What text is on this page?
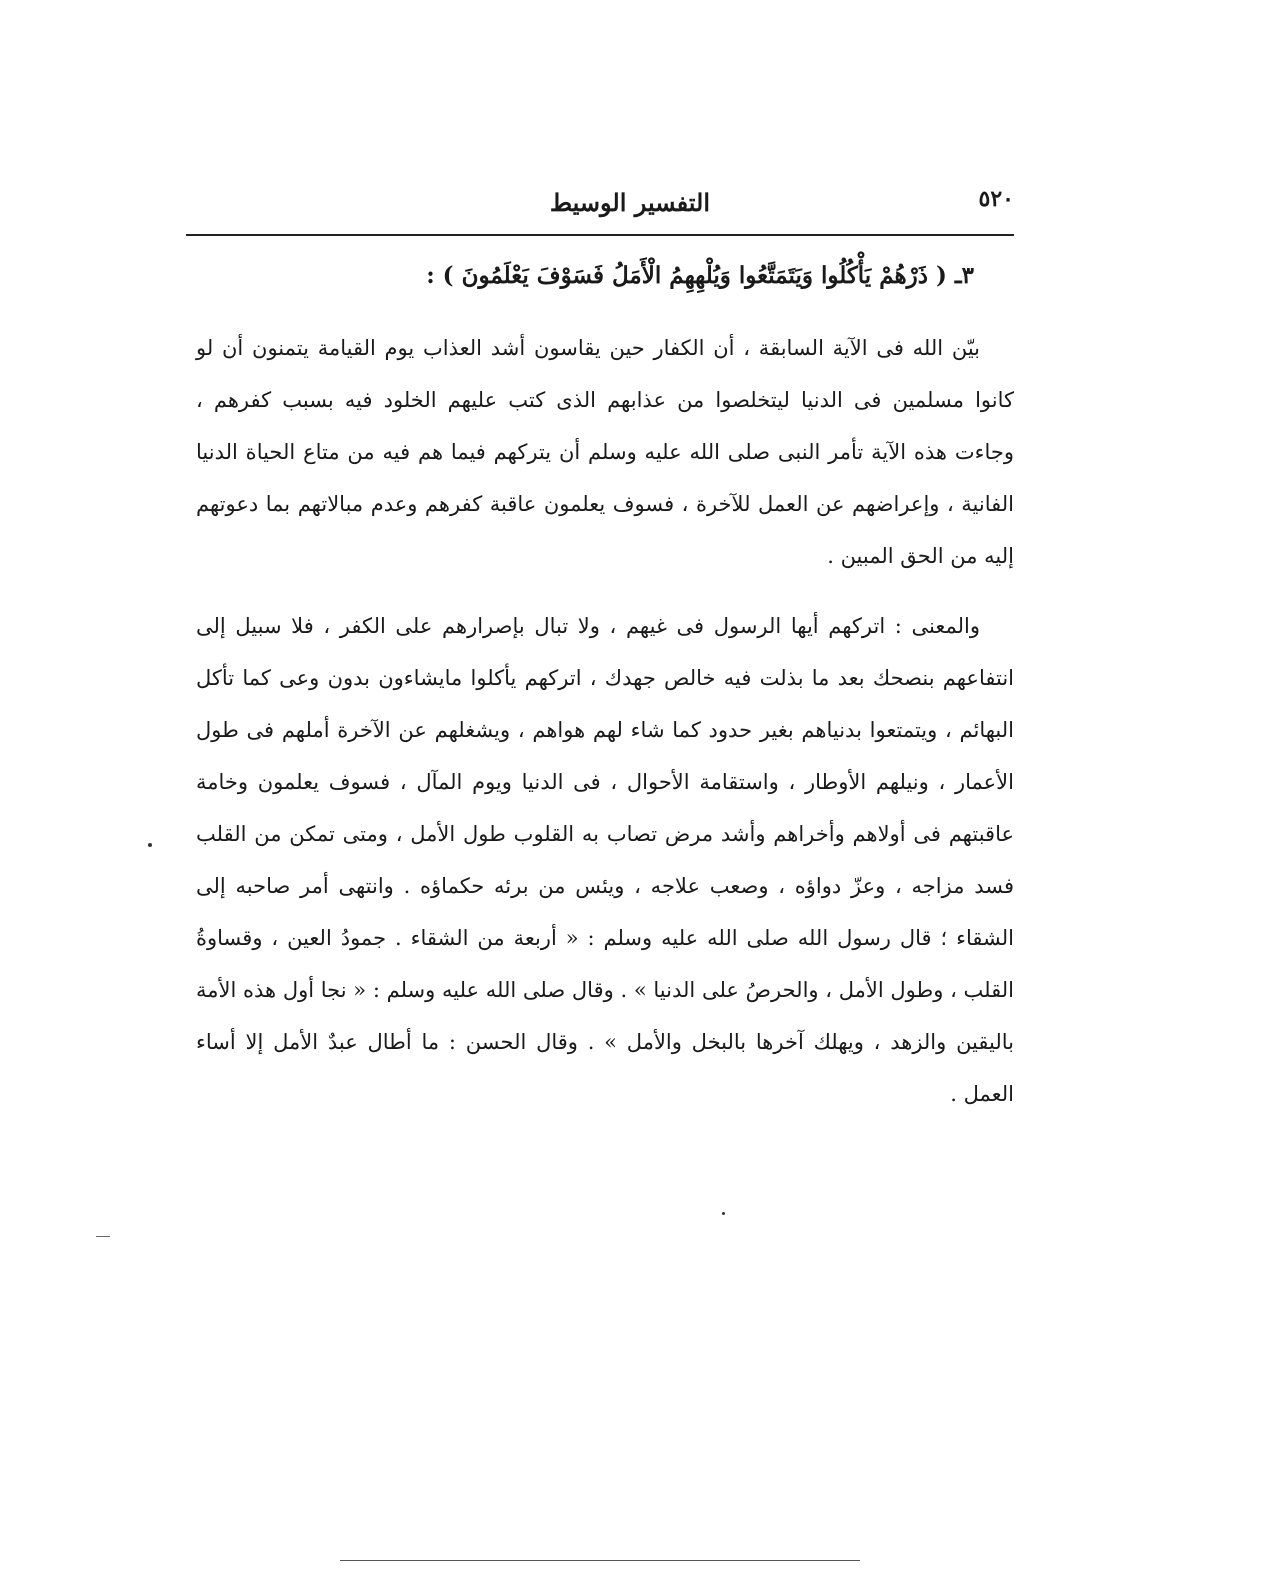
٥٢٠
التفسير الوسيط
٣ـ ( ذَرْهُمْ يَأْكُلُوا وَيَتَمَتَّعُوا وَيُلْهِهِمُ الْأَمَلُ فَسَوْفَ يَعْلَمُونَ ) :

بيّن الله فى الآية السابقة ، أن الكفار حين يقاسون أشد العذاب يوم القيامة يتمنون أن لو كانوا مسلمين فى الدنيا ليتخلصوا من عذابهم الذى كتب عليهم الخلود فيه بسبب كفرهم ، وجاءت هذه الآية تأمر النبى صلى الله عليه وسلم أن يتركهم فيما هم فيه من متاع الحياة الدنيا الفانية ، وإعراضهم عن العمل للآخرة ، فسوف يعلمون عاقبة كفرهم وعدم مبالاتهم بما دعوتهم إليه من الحق المبين .

والمعنى : اتركهم أيها الرسول فى غيهم ، ولا تبال بإصرارهم على الكفر ، فلا سبيل إلى انتفاعهم بنصحك بعد ما بذلت فيه خالص جهدك ، اتركهم يأكلوا مايشاءون بدون وعى كما تأكل البهائم ، ويتمتعوا بدنياهم بغير حدود كما شاء لهم هواهم ، ويشغلهم عن الآخرة أملهم فى طول الأعمار ، ونيلهم الأوطار ، واستقامة الأحوال ، فى الدنيا ويوم المآل ، فسوف يعلمون وخامة عاقبتهم فى أولاهم وأخراهم وأشد مرض تصاب به القلوب طول الأمل ، ومتى تمكن من القلب فسد مزاجه ، وعزّ دواؤه ، وصعب علاجه ، ويئس من برئه حكماؤه . وانتهى أمر صاحبه إلى الشقاء ؛ قال رسول الله صلى الله عليه وسلم : « أربعة من الشقاء . جمودُ العين ، وقساوةُ القلب ، وطول الأمل ، والحرصُ على الدنيا » . وقال صلى الله عليه وسلم : « نجا أول هذه الأمة باليقين والزهد ، ويهلك آخرها بالبخل والأمل » . وقال الحسن : ما أطال عبدٌ الأمل إلا أساء العمل .
